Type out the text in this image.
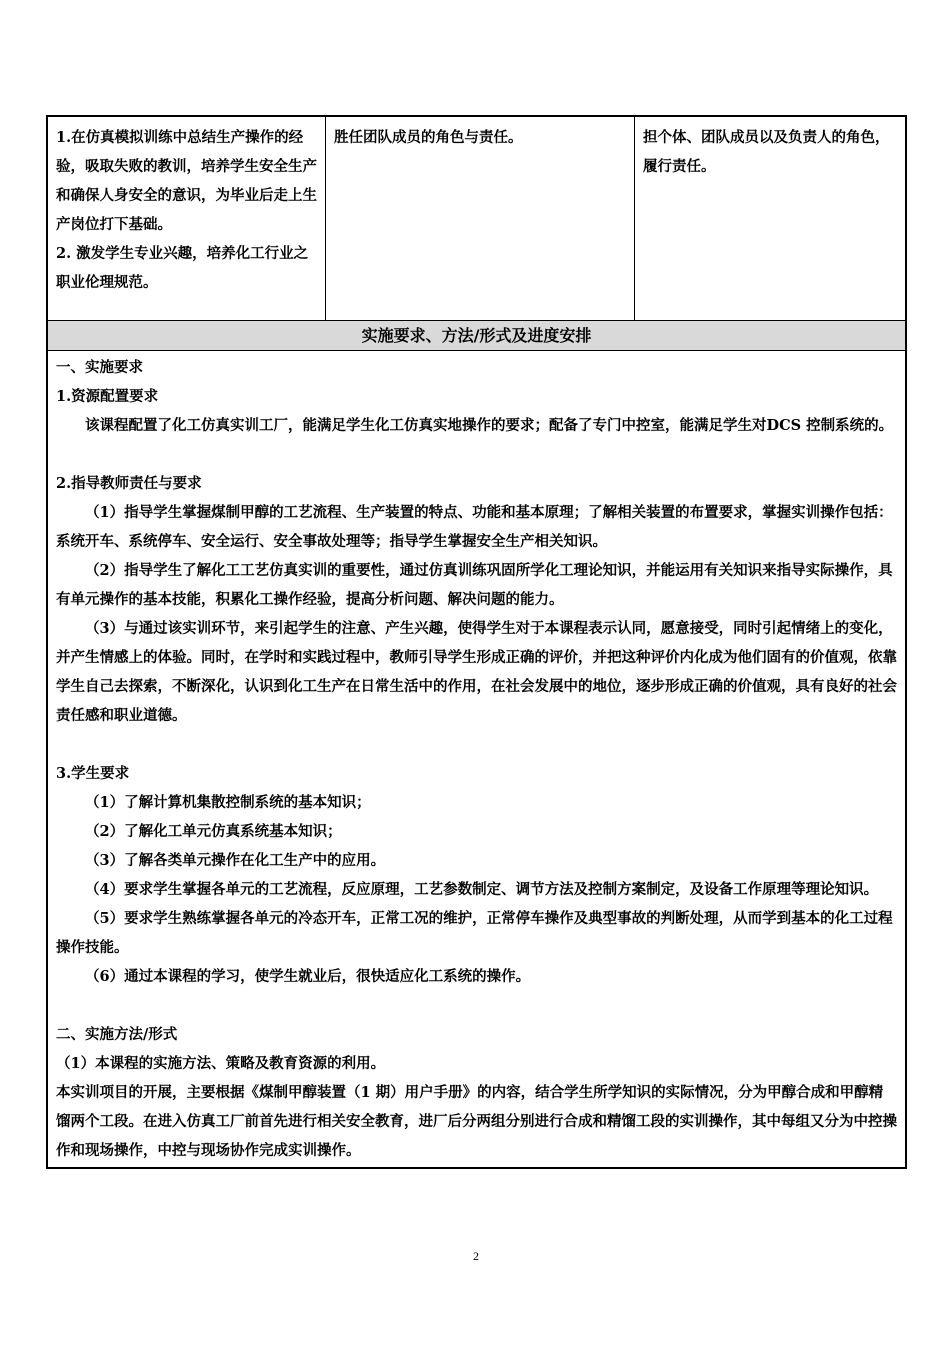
1.在仿真模拟训练中总结生产操作的经验，吸取失败的教训，培养学生安全生产和确保人身安全的意识，为毕业后走上生产岗位打下基础。

2. 激发学生专业兴趣，培养化工行业之职业伦理规范。

胜任团队成员的角色与责任。	担个体、团队成员以及负责人的角色，履行责任。
实施要求、方法/形式及进度安排

一、实施要求

1.资源配置要求

该课程配置了化工仿真实训工厂，能满足学生化工仿真实地操作的要求；配备了专门中控室，能满足学生对DCS 控制系统的。

2.指导教师责任与要求

（1）指导学生掌握煤制甲醇的工艺流程、生产装置的特点、功能和基本原理；了解相关装置的布置要求，掌握实训操作包括：系统开车、系统停车、安全运行、安全事故处理等；指导学生掌握安全生产相关知识。

（2）指导学生了解化工工艺仿真实训的重要性，通过仿真训练巩固所学化工理论知识，并能运用有关知识来指导实际操作，具有单元操作的基本技能，积累化工操作经验，提高分析问题、解决问题的能力。

（3）与通过该实训环节，来引起学生的注意、产生兴趣，使得学生对于本课程表示认同，愿意接受，同时引起情绪上的变化，并产生情感上的体验。同时，在学时和实践过程中，教师引导学生形成正确的评价，并把这种评价内化成为他们固有的价值观，依靠学生自己去探索，不断深化，认识到化工生产在日常生活中的作用，在社会发展中的地位，逐步形成正确的价值观，具有良好的社会责任感和职业道德。

3.学生要求

（1）了解计算机集散控制系统的基本知识；

（2）了解化工单元仿真系统基本知识；

（3）了解各类单元操作在化工生产中的应用。

（4）要求学生掌握各单元的工艺流程，反应原理，工艺参数制定、调节方法及控制方案制定，及设备工作原理等理论知识。

（5）要求学生熟练掌握各单元的冷态开车，正常工况的维护，正常停车操作及典型事故的判断处理，从而学到基本的化工过程操作技能。

（6）通过本课程的学习，使学生就业后，很快适应化工系统的操作。

二、实施方法/形式

（1）本课程的实施方法、策略及教育资源的利用。

本实训项目的开展，主要根据《煤制甲醇装置（1 期）用户手册》的内容，结合学生所学知识的实际情况，分为甲醇合成和甲醇精馏两个工段。在进入仿真工厂前首先进行相关安全教育，进厂后分两组分别进行合成和精馏工段的实训操作，其中每组又分为中控操作和现场操作，中控与现场协作完成实训操作。

2
